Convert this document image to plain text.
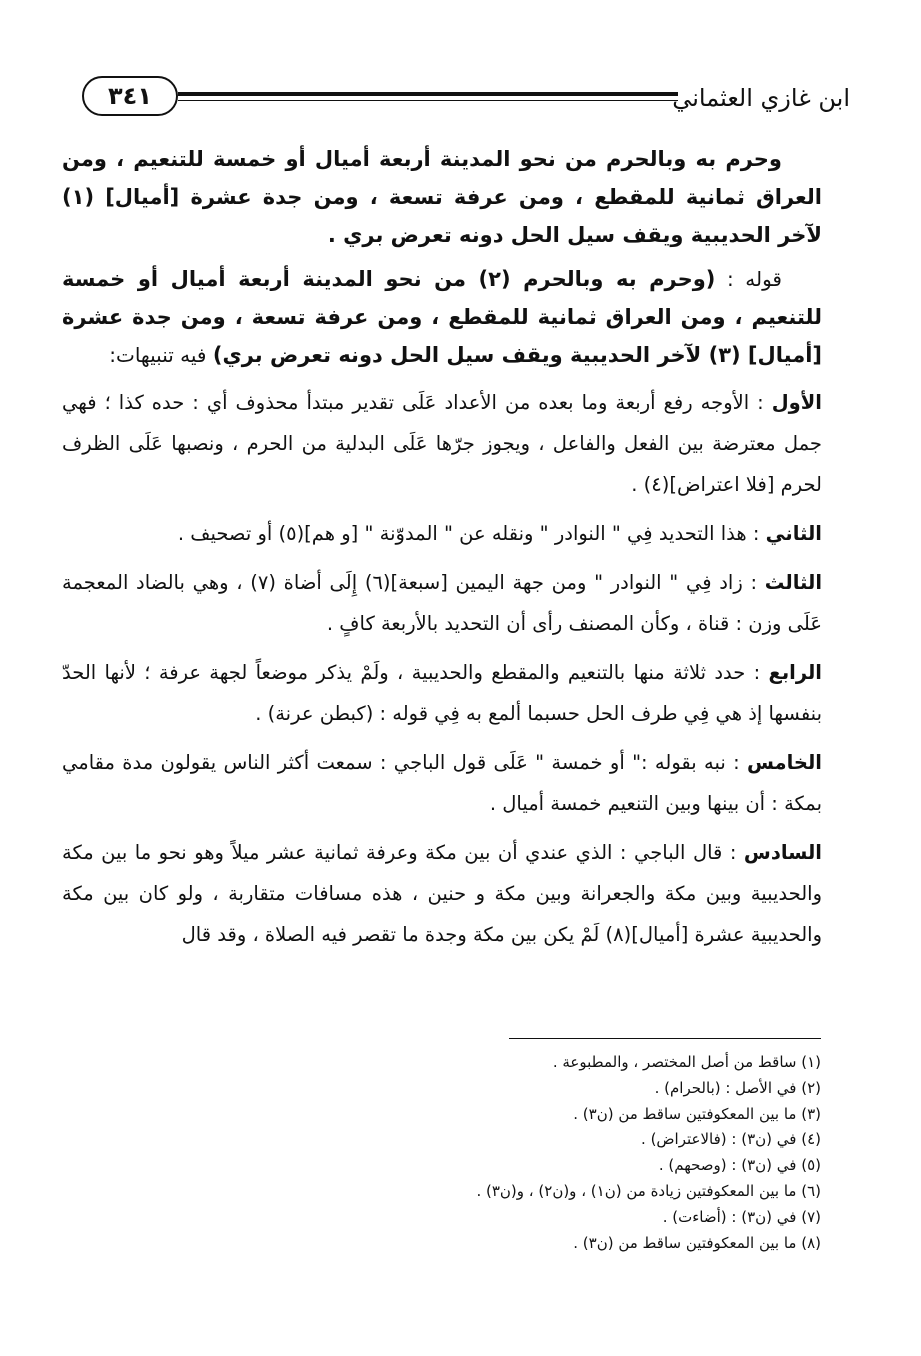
٣٤١	ابن غازي العثماني

وحرم به وبالحرم من نحو المدينة أربعة أميال أو خمسة للتنعيم ، ومن العراق ثمانية للمقطع ، ومن عرفة تسعة ، ومن جدة عشرة [أميال] (١) لآخر الحديبية ويقف سيل الحل دونه تعرض بري .

قوله : (وحرم به وبالحرم (٢) من نحو المدينة أربعة أميال أو خمسة للتنعيم ، ومن العراق ثمانية للمقطع ، ومن عرفة تسعة ، ومن جدة عشرة [أميال] (٣) لآخر الحديبية ويقف سيل الحل دونه تعرض بري) فيه تنبيهات:

الأول : الأوجه رفع أربعة وما بعده من الأعداد عَلَى تقدير مبتدأ محذوف أي : حده كذا ؛ فهي جمل معترضة بين الفعل والفاعل ، ويجوز جرّها عَلَى البدلية من الحرم ، ونصبها عَلَى الظرف لحرم [فلا اعتراض](٤) .

الثاني : هذا التحديد فِي " النوادر " ونقله عن " المدوّنة " [و هم](٥) أو تصحيف .

الثالث : زاد فِي " النوادر " ومن جهة اليمين [سبعة](٦) إِلَى أضاة (٧) ، وهي بالضاد المعجمة عَلَى وزن : قناة ، وكأن المصنف رأى أن التحديد بالأربعة كافٍ .

الرابع : حدد ثلاثة منها بالتنعيم والمقطع والحديبية ، ولَمْ يذكر موضعاً لجهة عرفة ؛ لأنها الحدّ بنفسها إذ هي فِي طرف الحل حسبما ألمع به فِي قوله : (كبطن عرنة) .

الخامس : نبه بقوله :" أو خمسة " عَلَى قول الباجي : سمعت أكثر الناس يقولون مدة مقامي بمكة : أن بينها وبين التنعيم خمسة أميال .

السادس : قال الباجي : الذي عندي أن بين مكة وعرفة ثمانية عشر ميلاً وهو نحو ما بين مكة والحديبية وبين مكة والجعرانة وبين مكة و حنين ، هذه مسافات متقاربة ، ولو كان بين مكة والحديبية عشرة [أميال](٨) لَمْ يكن بين مكة وجدة ما تقصر فيه الصلاة ، وقد قال

(١) ساقط من أصل المختصر ، والمطبوعة .
(٢) في الأصل : (بالحرام) .
(٣) ما بين المعكوفتين ساقط من (ن٣) .
(٤) في (ن٣) : (فالاعتراض) .
(٥) في (ن٣) : (وصحهم) .
(٦) ما بين المعكوفتين زيادة من (ن١) ، و(ن٢) ، و(ن٣) .
(٧) في (ن٣) : (أضاءت) .
(٨) ما بين المعكوفتين ساقط من (ن٣) .
